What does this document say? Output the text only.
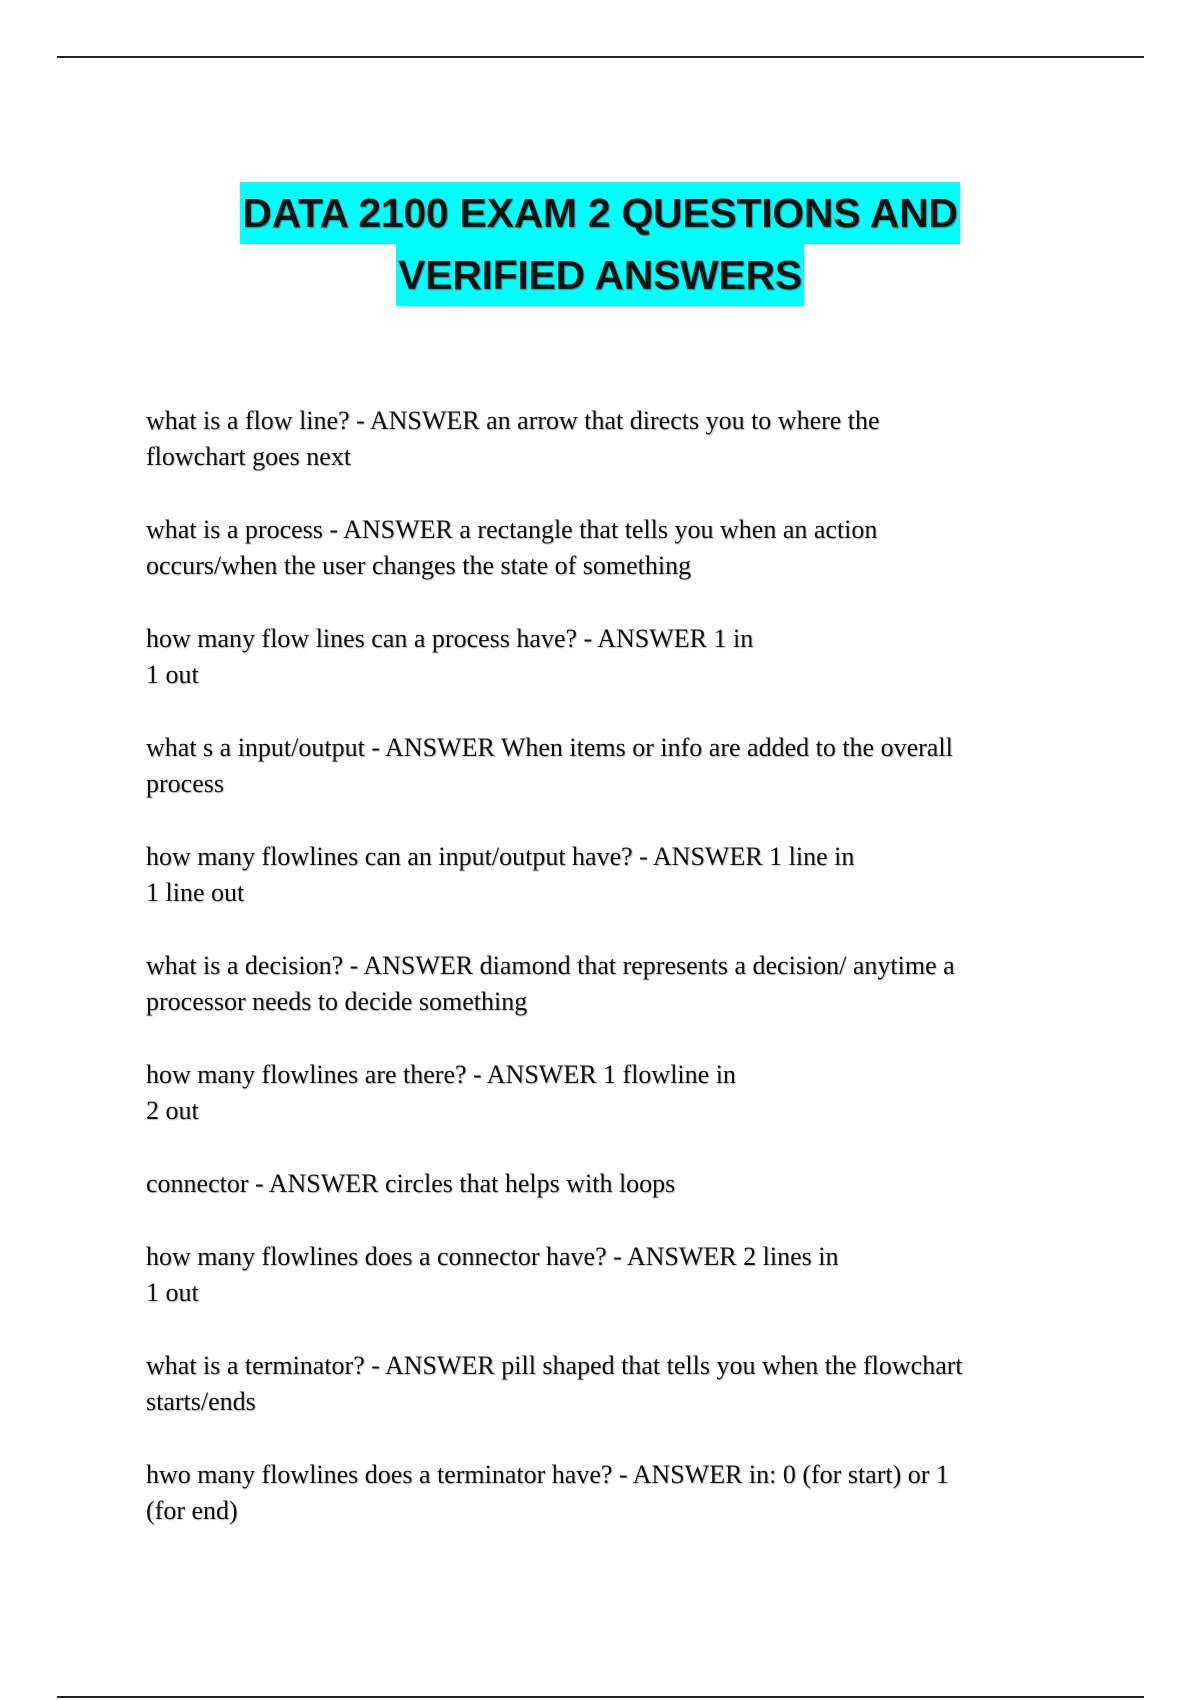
DATA 2100 EXAM 2 QUESTIONS AND
VERIFIED ANSWERS
what is a flow line? - ANSWER an arrow that directs you to where the
flowchart goes next
what is a process - ANSWER a rectangle that tells you when an action
occurs/when the user changes the state of something
how many flow lines can a process have? - ANSWER 1 in
1 out
what s a input/output - ANSWER When items or info are added to the overall
process
how many flowlines can an input/output have? - ANSWER 1 line in
1 line out
what is a decision? - ANSWER diamond that represents a decision/ anytime a
processor needs to decide something
how many flowlines are there? - ANSWER 1 flowline in
2 out
connector - ANSWER circles that helps with loops
how many flowlines does a connector have? - ANSWER 2 lines in
1 out
what is a terminator? - ANSWER pill shaped that tells you when the flowchart
starts/ends
hwo many flowlines does a terminator have? - ANSWER in: 0 (for start) or 1
(for end)
